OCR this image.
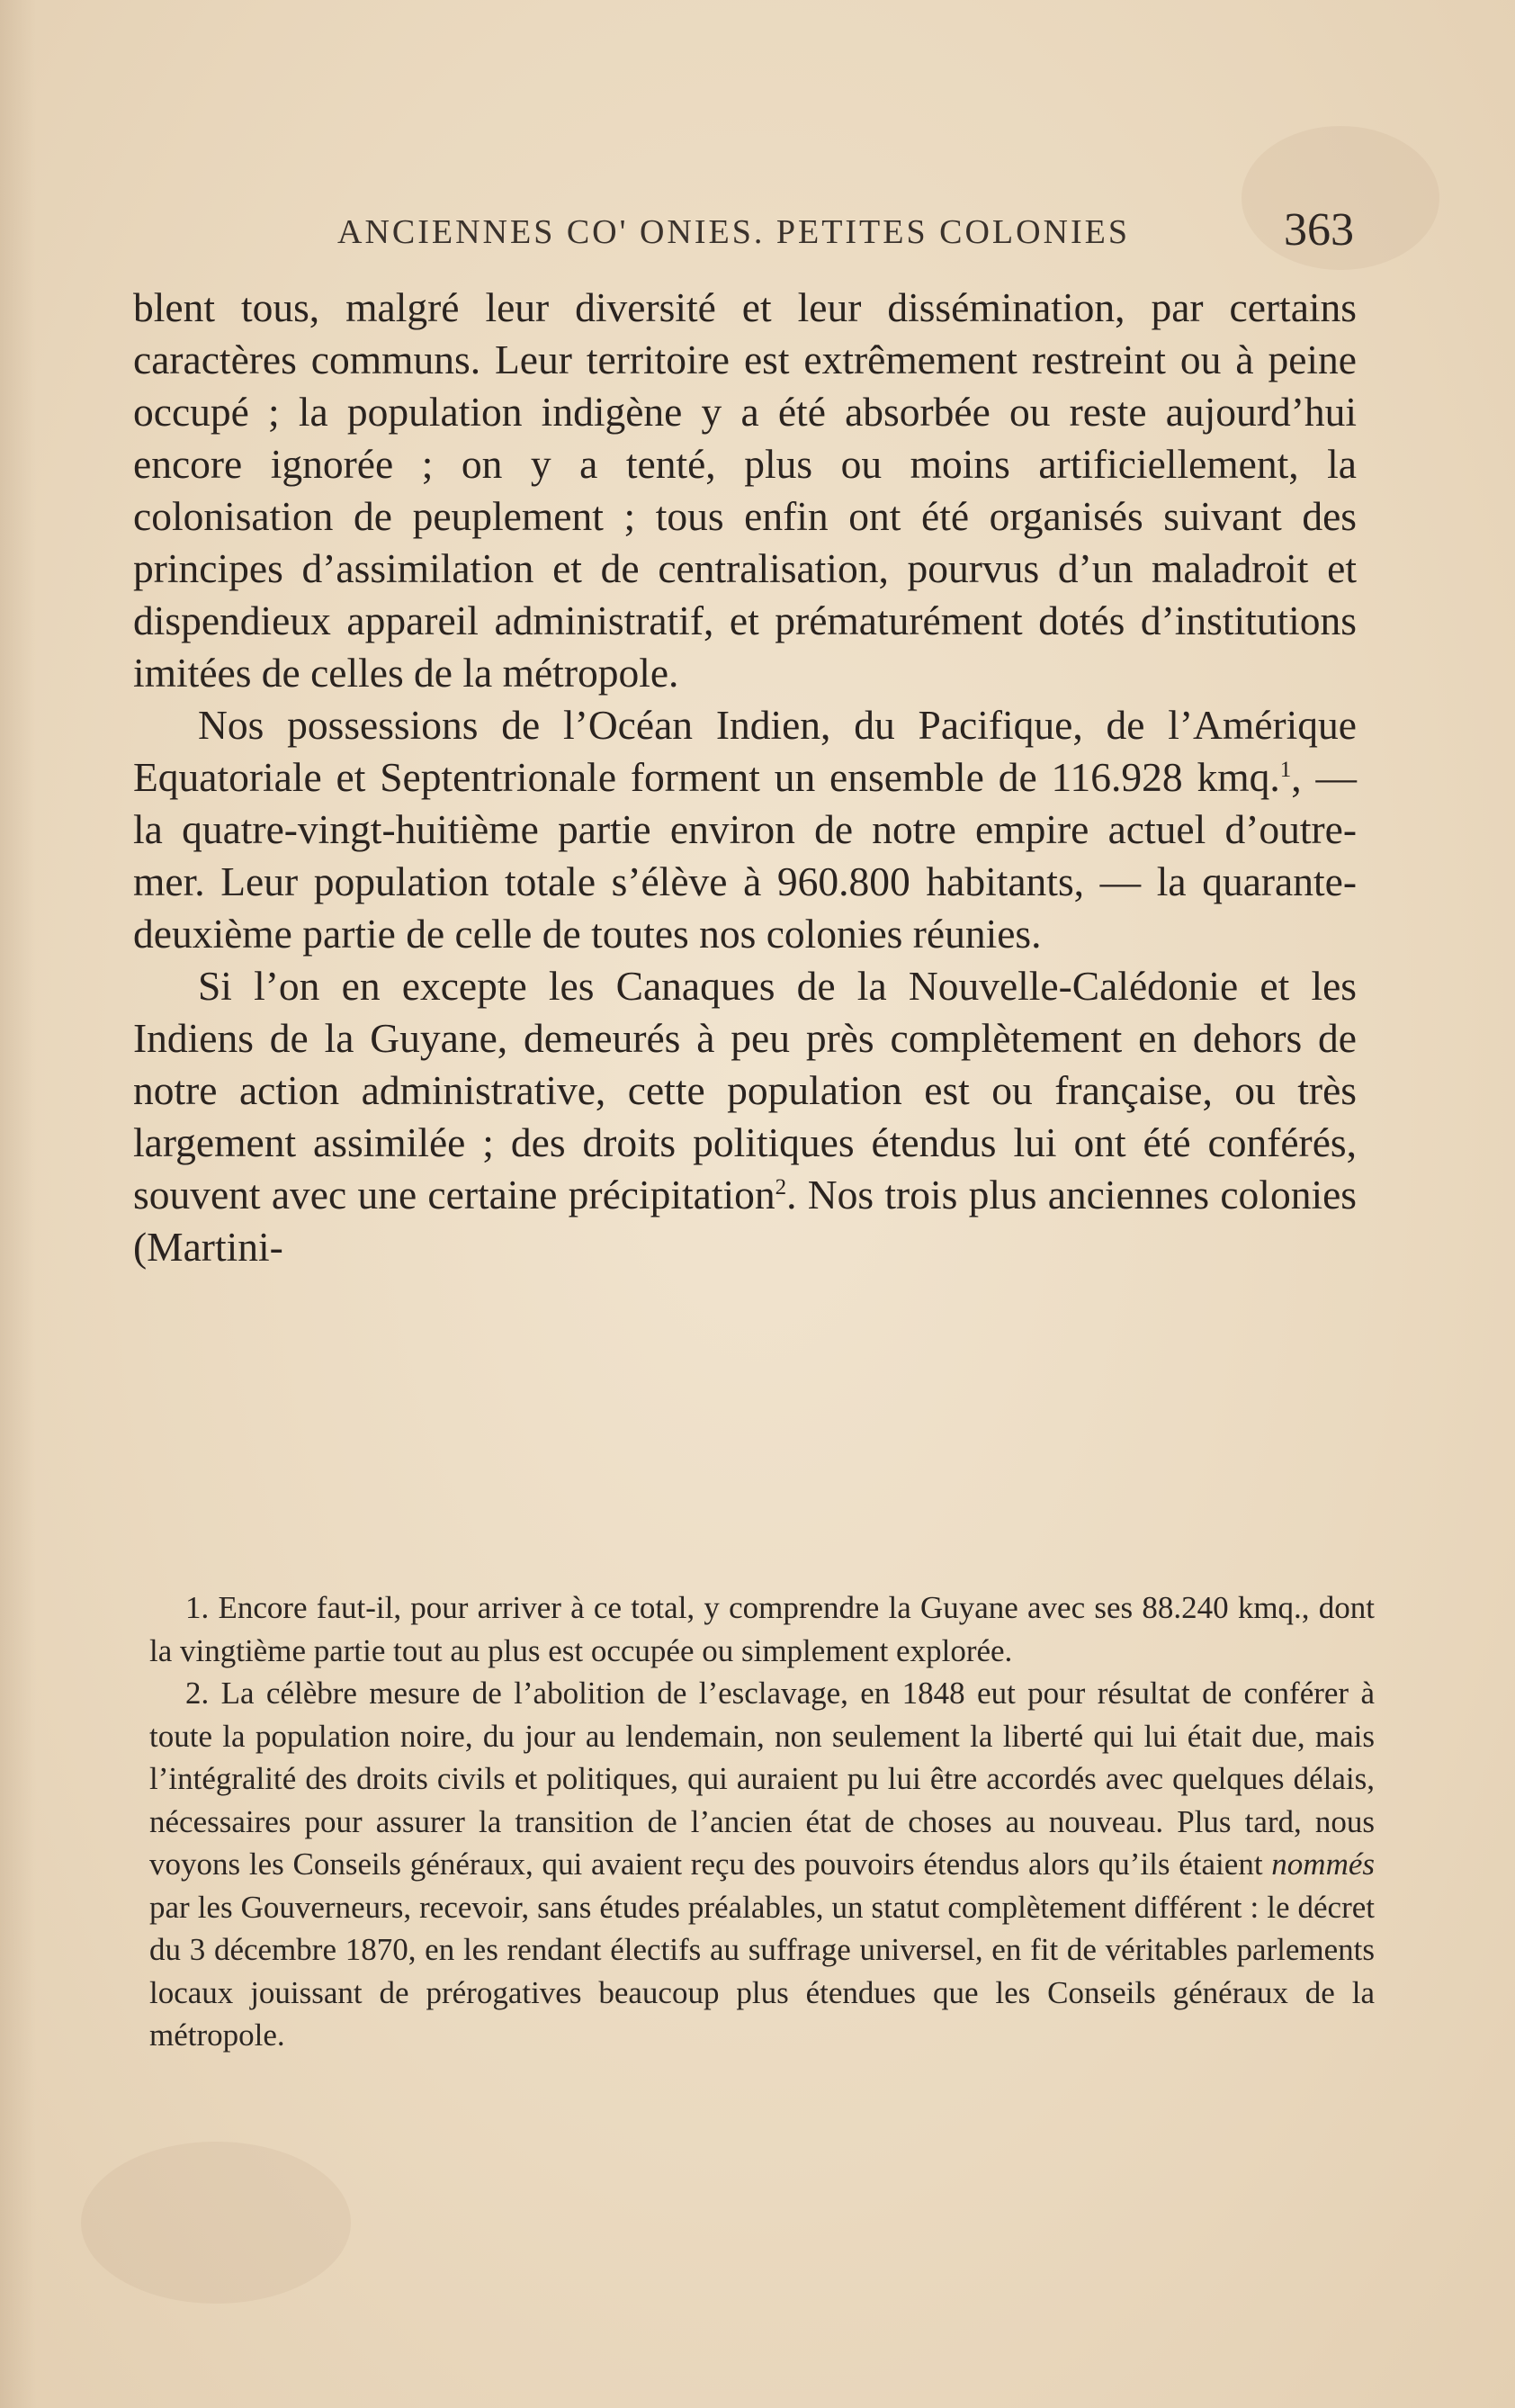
ANCIENNES CO' ONIES. PETITES COLONIES	363

blent tous, malgré leur diversité et leur dissémination, par certains caractères communs. Leur territoire est extrêmement restreint ou à peine occupé ; la population indigène y a été absorbée ou reste aujourd’hui encore ignorée ; on y a tenté, plus ou moins artificiellement, la colonisation de peuplement ; tous enfin ont été organisés suivant des principes d’assimilation et de centralisation, pourvus d’un maladroit et dispendieux appareil administratif, et prématurément dotés d’institutions imitées de celles de la métropole.

Nos possessions de l’Océan Indien, du Pacifique, de l’Amérique Equatoriale et Septentrionale forment un ensemble de 116.928 kmq.$^1$, — la quatre-vingt-huitième partie environ de notre empire actuel d’outre-mer. Leur population totale s’élève à 960.800 habitants, — la quarante-deuxième partie de celle de toutes nos colonies réunies.

Si l’on en excepte les Canaques de la Nouvelle-Calédonie et les Indiens de la Guyane, demeurés à peu près complètement en dehors de notre action administrative, cette population est ou française, ou très largement assimilée ; des droits politiques étendus lui ont été conférés, souvent avec une certaine précipitation$^2$. Nos trois plus anciennes colonies (Martini-

1. Encore faut-il, pour arriver à ce total, y comprendre la Guyane avec ses 88.240 kmq., dont la vingtième partie tout au plus est occupée ou simplement explorée.

2. La célèbre mesure de l’abolition de l’esclavage, en 1848 eut pour résultat de conférer à toute la population noire, du jour au lendemain, non seulement la liberté qui lui était due, mais l’intégralité des droits civils et politiques, qui auraient pu lui être accordés avec quelques délais, nécessaires pour assurer la transition de l’ancien état de choses au nouveau. Plus tard, nous voyons les Conseils généraux, qui avaient reçu des pouvoirs étendus alors qu’ils étaient nommés par les Gouverneurs, recevoir, sans études préalables, un statut complètement différent : le décret du 3 décembre 1870, en les rendant électifs au suffrage universel, en fit de véritables parlements locaux jouissant de prérogatives beaucoup plus étendues que les Conseils généraux de la métropole.
